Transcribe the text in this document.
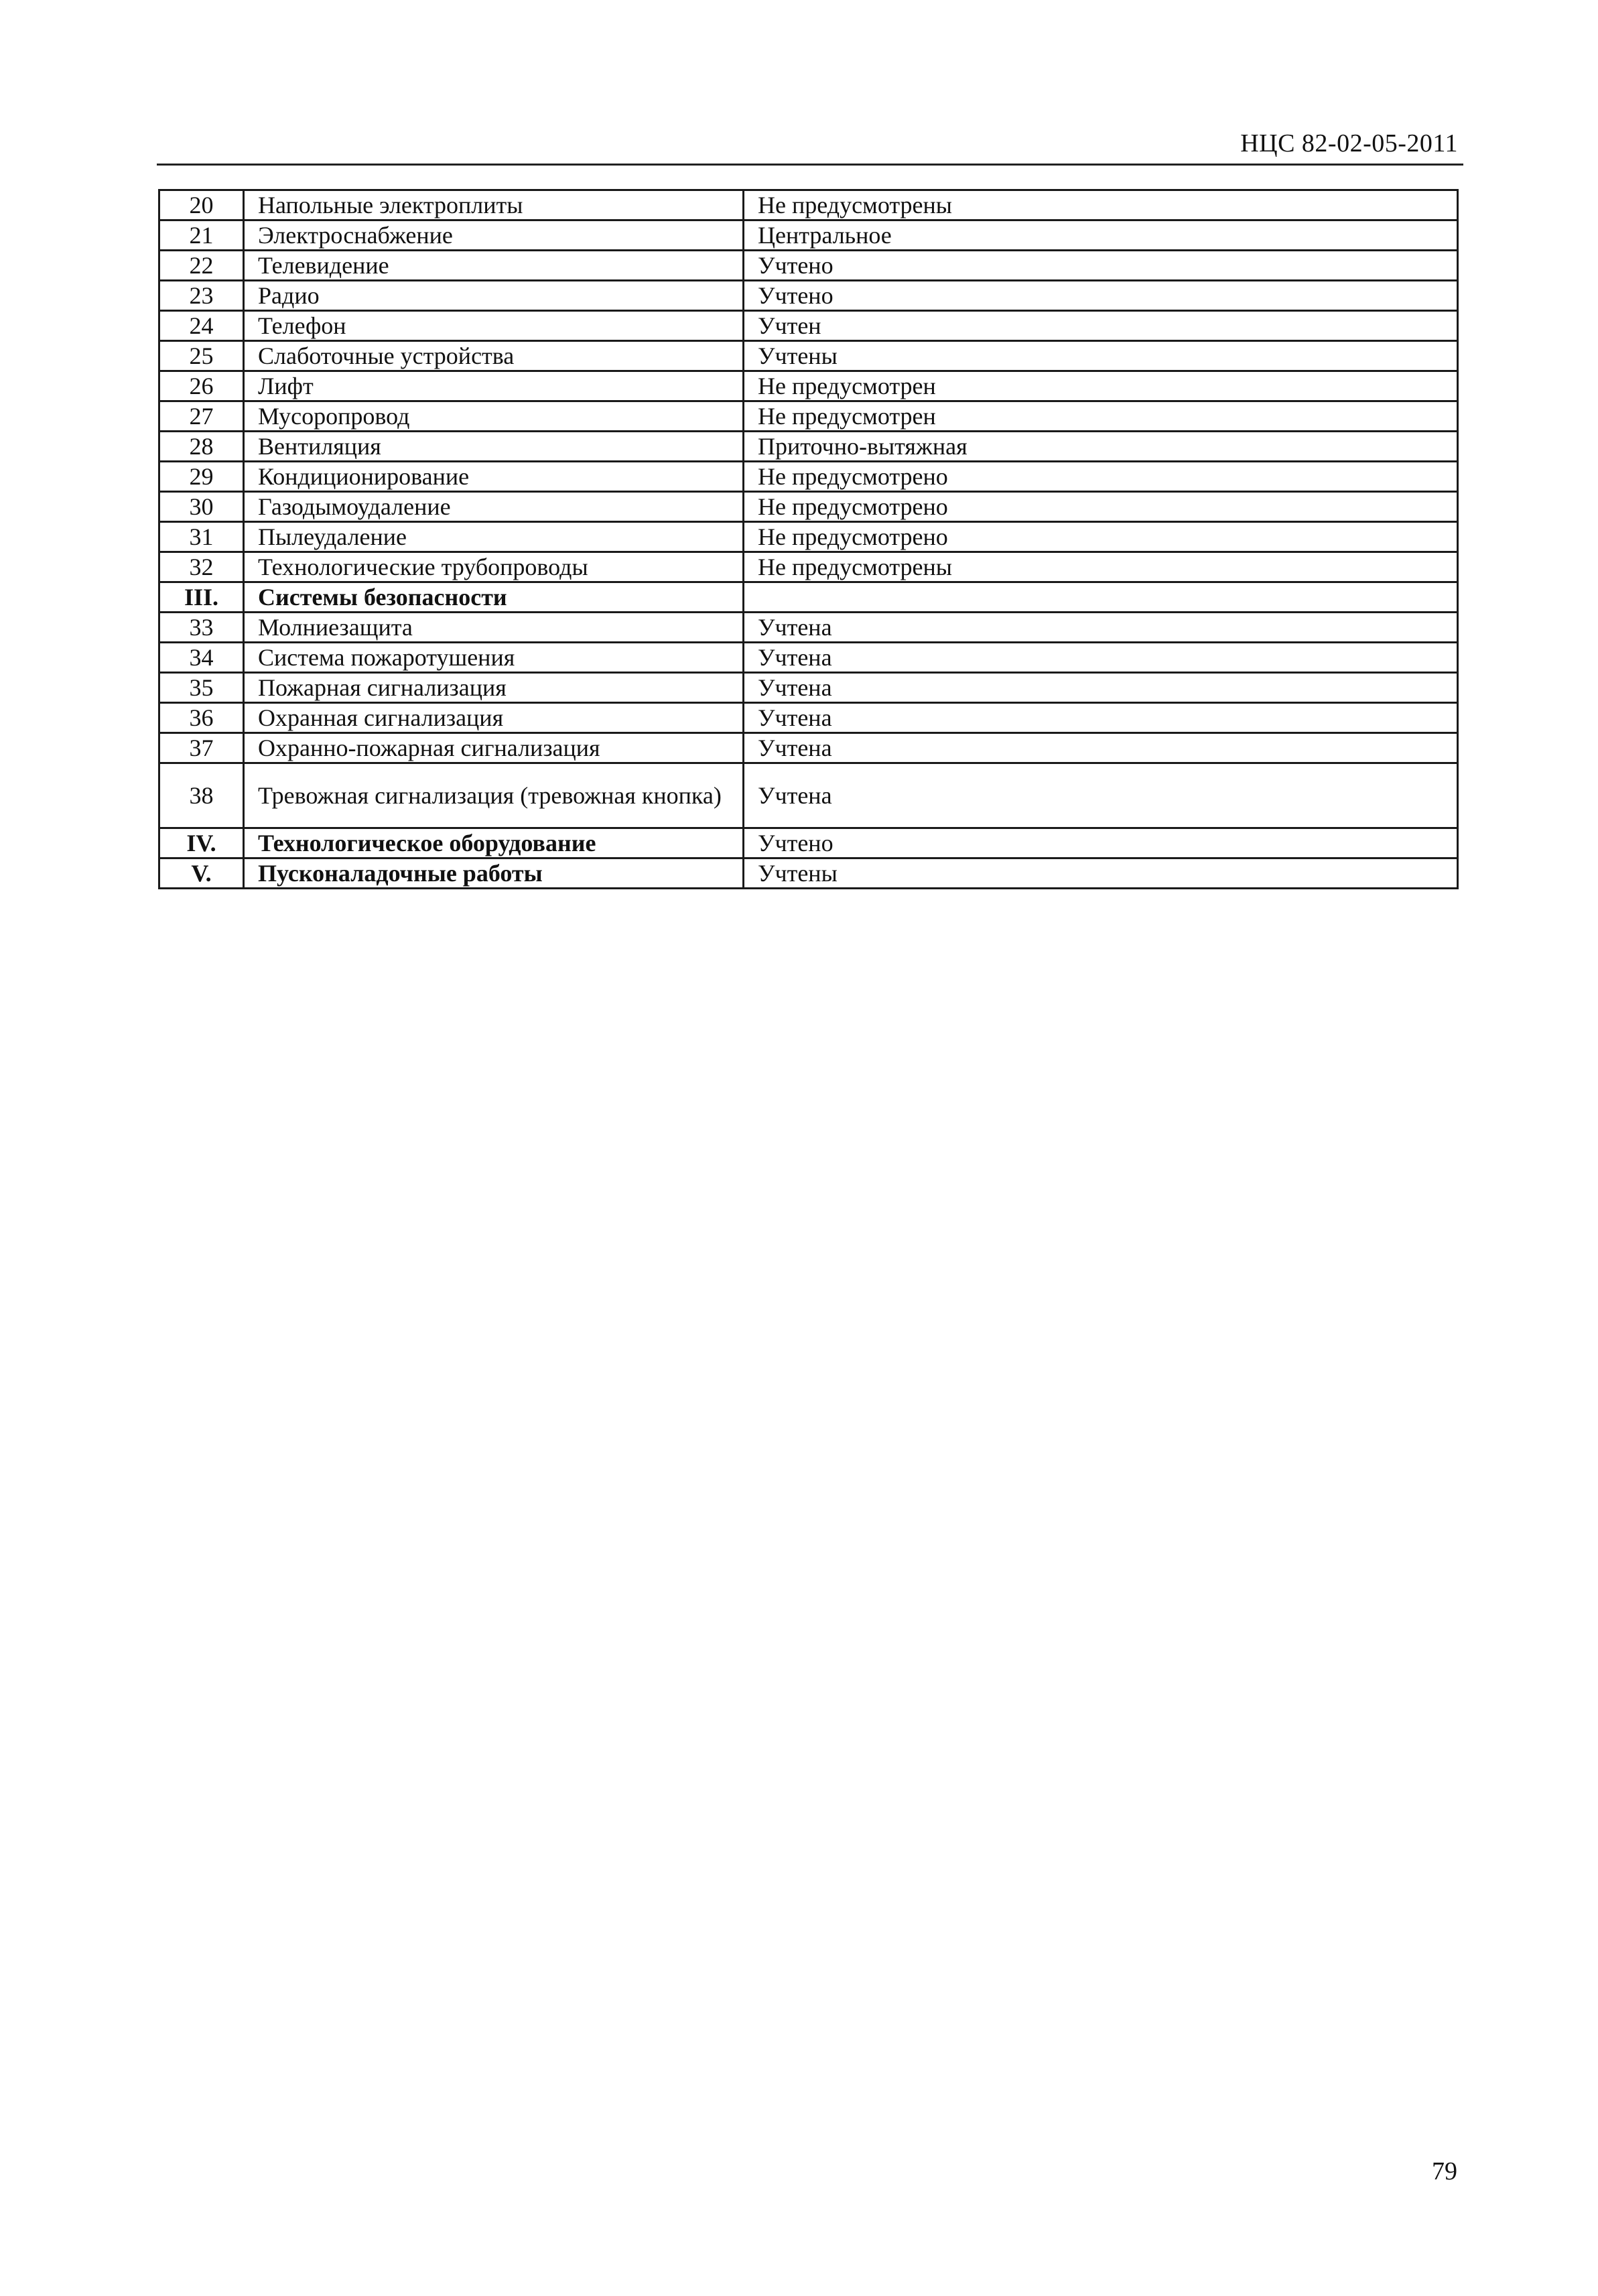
НЦС 82-02-05-2011
20	Напольные электроплиты	Не предусмотрены
21	Электроснабжение	Центральное
22	Телевидение	Учтено
23	Радио	Учтено
24	Телефон	Учтен
25	Слаботочные устройства	Учтены
26	Лифт	Не предусмотрен
27	Мусоропровод	Не предусмотрен
28	Вентиляция	Приточно-вытяжная
29	Кондиционирование	Не предусмотрено
30	Газодымоудаление	Не предусмотрено
31	Пылеудаление	Не предусмотрено
32	Технологические трубопроводы	Не предусмотрены
III.	Системы безопасности	
33	Молниезащита	Учтена
34	Система пожаротушения	Учтена
35	Пожарная сигнализация	Учтена
36	Охранная сигнализация	Учтена
37	Охранно-пожарная сигнализация	Учтена
38	Тревожная сигнализация (тревожная кнопка)	Учтена
IV.	Технологическое оборудование	Учтено
V.	Пусконаладочные работы	Учтены
79
